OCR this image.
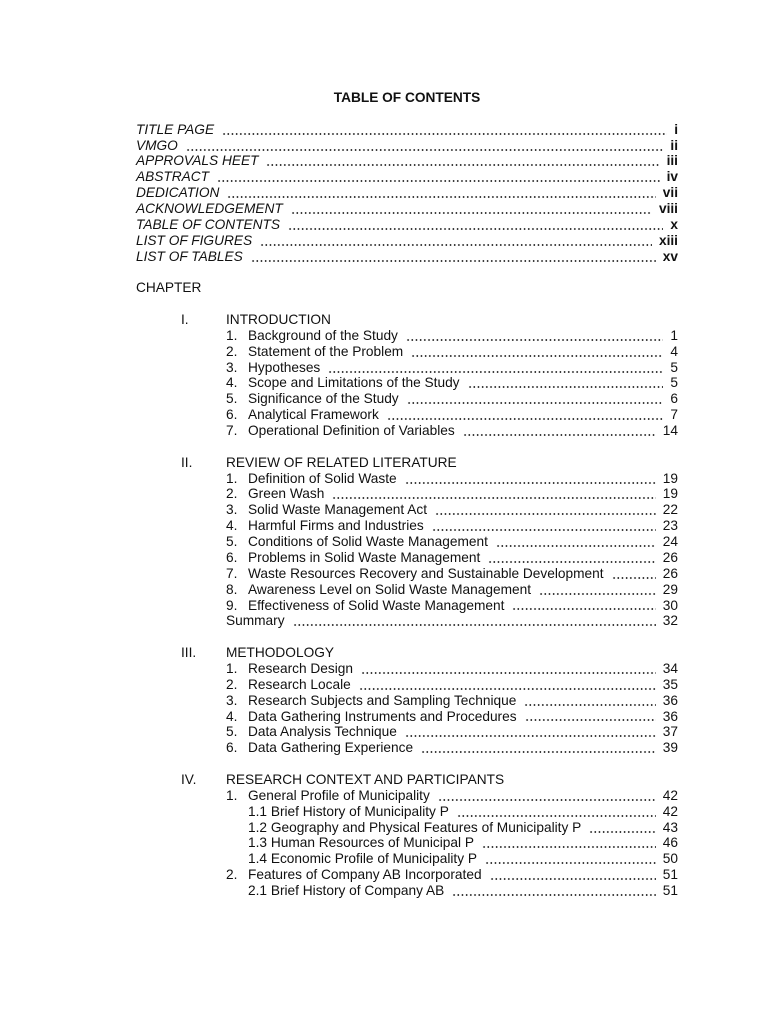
TABLE OF CONTENTS
TITLE PAGE	i
VMGO	ii
APPROVALS HEET	iii
ABSTRACT	iv
DEDICATION	vii
ACKNOWLEDGEMENT	viii
TABLE OF CONTENTS	x
LIST OF FIGURES	xiii
LIST OF TABLES	xv
CHAPTER
I.	INTRODUCTION
1. Background of the Study	1
2. Statement of the Problem	4
3. Hypotheses	5
4. Scope and Limitations of the Study	5
5. Significance of the Study	6
6. Analytical Framework	7
7. Operational Definition of Variables	14
II.	REVIEW OF RELATED LITERATURE
1. Definition of Solid Waste	19
2. Green Wash	19
3. Solid Waste Management Act	22
4. Harmful Firms and Industries	23
5. Conditions of Solid Waste Management	24
6. Problems in Solid Waste Management	26
7. Waste Resources Recovery and Sustainable Development	26
8. Awareness Level on Solid Waste Management	29
9. Effectiveness of Solid Waste Management	30
Summary	32
III.	METHODOLOGY
1. Research Design	34
2. Research Locale	35
3. Research Subjects and Sampling Technique	36
4. Data Gathering Instruments and Procedures	36
5. Data Analysis Technique	37
6. Data Gathering Experience	39
IV.	RESEARCH CONTEXT AND PARTICIPANTS
1. General Profile of Municipality	42
1.1 Brief History of Municipality P	42
1.2 Geography and Physical Features of Municipality P	43
1.3 Human Resources of Municipal P	46
1.4 Economic Profile of Municipality P	50
2. Features of Company AB Incorporated	51
2.1 Brief History of Company AB	51
